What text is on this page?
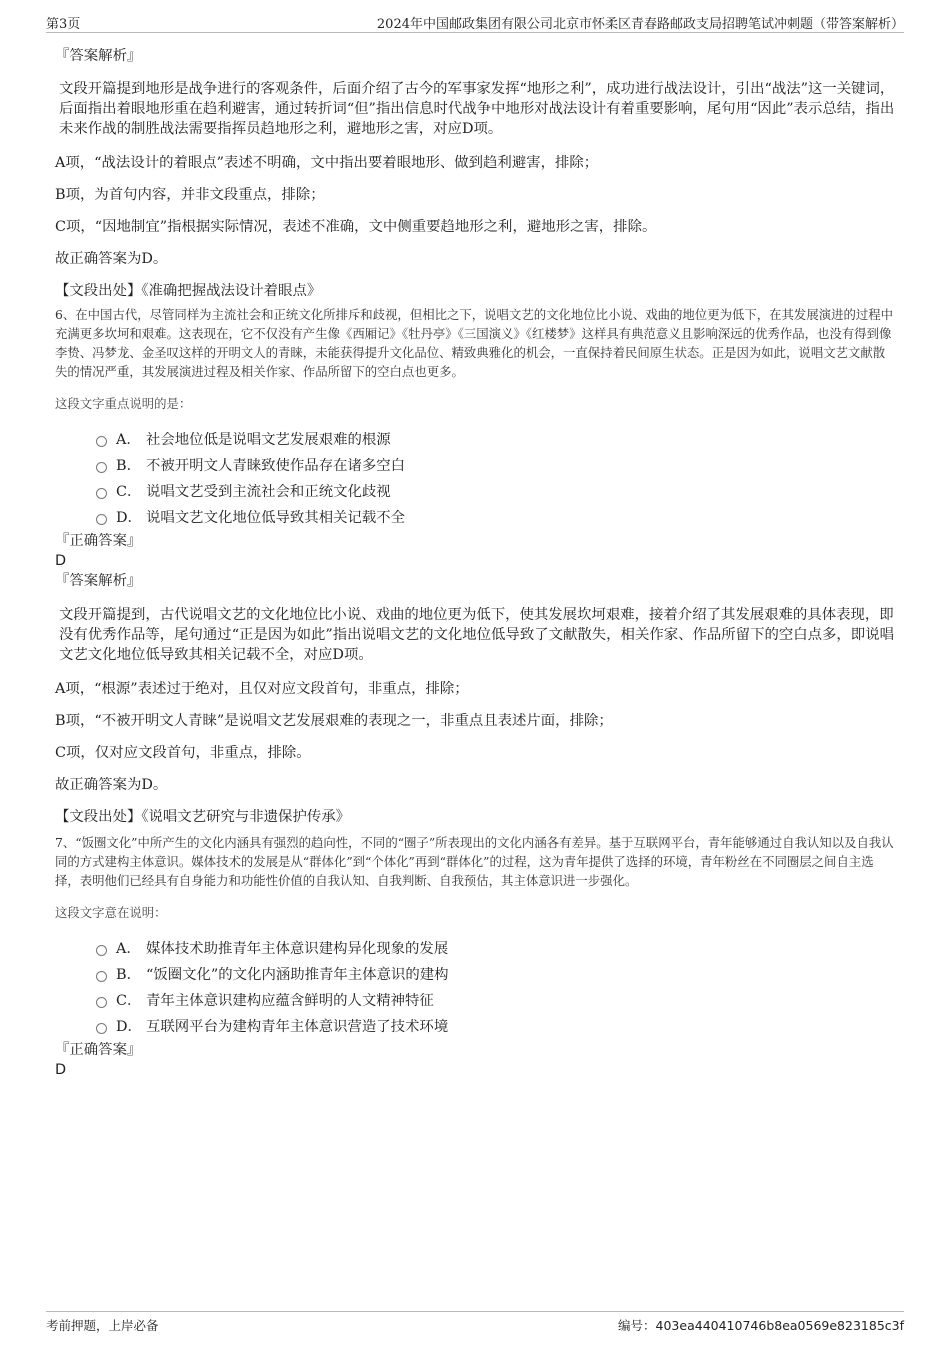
第3页	2024年中国邮政集团有限公司北京市怀柔区青春路邮政支局招聘笔试冲刺题（带答案解析）

『答案解析』

文段开篇提到地形是战争进行的客观条件，后面介绍了古今的军事家发挥“地形之利”，成功进行战法设计，引出“战法”这一关键词，后面指出着眼地形重在趋利避害，通过转折词“但”指出信息时代战争中地形对战法设计有着重要影响，尾句用“因此”表示总结，指出未来作战的制胜战法需要指挥员趋地形之利，避地形之害，对应D项。

A项，“战法设计的着眼点”表述不明确，文中指出要着眼地形、做到趋利避害，排除；

B项，为首句内容，并非文段重点，排除；

C项，“因地制宜”指根据实际情况，表述不准确，文中侧重要趋地形之利，避地形之害，排除。

故正确答案为D。

【文段出处】《准确把握战法设计着眼点》

6、在中国古代，尽管同样为主流社会和正统文化所排斥和歧视，但相比之下，说唱文艺的文化地位比小说、戏曲的地位更为低下，在其发展演进的过程中充满更多坎坷和艰难。这表现在，它不仅没有产生像《西厢记》《牡丹亭》《三国演义》《红楼梦》这样具有典范意义且影响深远的优秀作品，也没有得到像李贽、冯梦龙、金圣叹这样的开明文人的青睐，未能获得提升文化品位、精致典雅化的机会，一直保持着民间原生状态。正是因为如此，说唱文艺文献散失的情况严重，其发展演进过程及相关作家、作品所留下的空白点也更多。

这段文字重点说明的是：

A． 社会地位低是说唱文艺发展艰难的根源
B． 不被开明文人青睐致使作品存在诸多空白
C． 说唱文艺受到主流社会和正统文化歧视
D． 说唱文艺文化地位低导致其相关记载不全

『正确答案』

D

『答案解析』

文段开篇提到，古代说唱文艺的文化地位比小说、戏曲的地位更为低下，使其发展坎坷艰难，接着介绍了其发展艰难的具体表现，即没有优秀作品等，尾句通过“正是因为如此”指出说唱文艺的文化地位低导致了文献散失，相关作家、作品所留下的空白点多，即说唱文艺文化地位低导致其相关记载不全，对应D项。

A项，“根源”表述过于绝对，且仅对应文段首句，非重点，排除；

B项，“不被开明文人青睐”是说唱文艺发展艰难的表现之一，非重点且表述片面，排除；

C项，仅对应文段首句，非重点，排除。

故正确答案为D。

【文段出处】《说唱文艺研究与非遗保护传承》

7、“饭圈文化”中所产生的文化内涵具有强烈的趋向性，不同的“圈子”所表现出的文化内涵各有差异。基于互联网平台，青年能够通过自我认知以及自我认同的方式建构主体意识。媒体技术的发展是从“群体化”到“个体化”再到“群体化”的过程，这为青年提供了选择的环境，青年粉丝在不同圈层之间自主选择，表明他们已经具有自身能力和功能性价值的自我认知、自我判断、自我预估，其主体意识进一步强化。

这段文字意在说明：

A． 媒体技术助推青年主体意识建构异化现象的发展
B． “饭圈文化”的文化内涵助推青年主体意识的建构
C． 青年主体意识建构应蕴含鲜明的人文精神特征
D． 互联网平台为建构青年主体意识营造了技术环境

『正确答案』

D

考前押题，上岸必备	编号：403ea440410746b8ea0569e823185c3f
